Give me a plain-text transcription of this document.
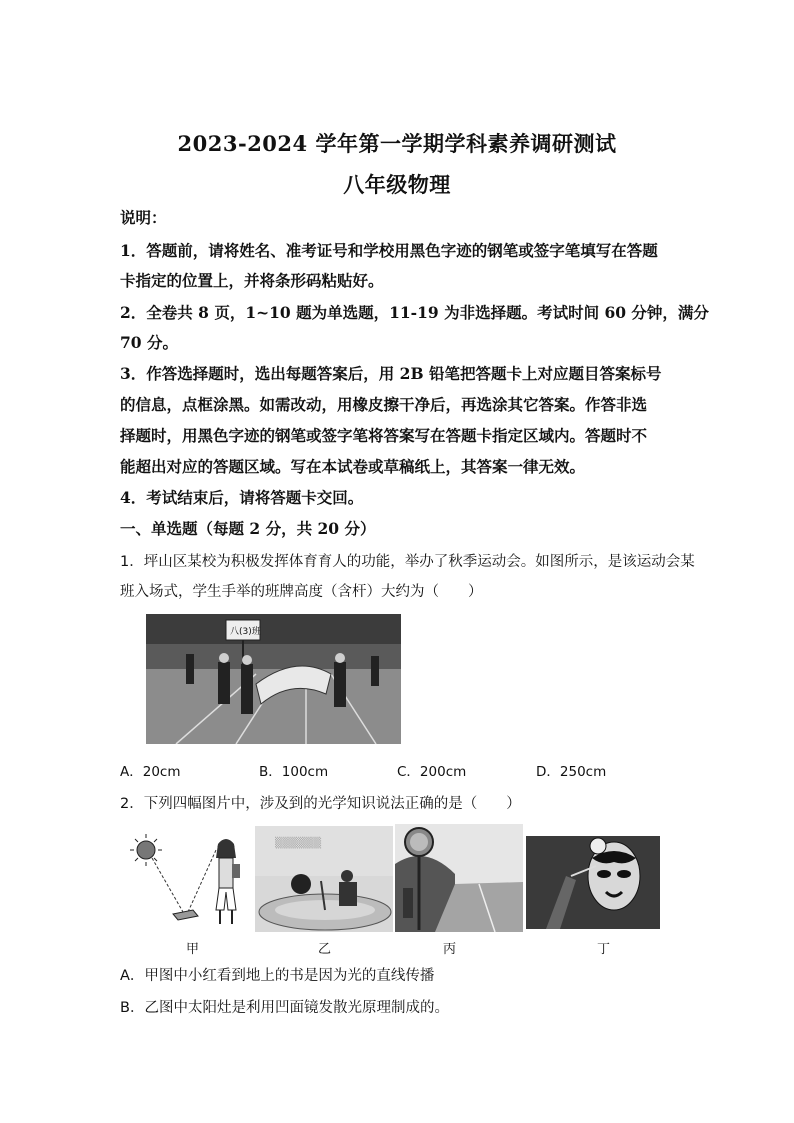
2023-2024 学年第一学期学科素养调研测试
八年级物理
说明：
1．答题前，请将姓名、准考证号和学校用黑色字迹的钢笔或签字笔填写在答题
卡指定的位置上，并将条形码粘贴好。
2．全卷共 8 页，1~10 题为单选题，11-19 为非选择题。考试时间 60 分钟，满分
70 分。
3．作答选择题时，选出每题答案后，用 2B 铅笔把答题卡上对应题目答案标号
的信息，点框涂黑。如需改动，用橡皮擦干净后，再选涂其它答案。作答非选
择题时，用黑色字迹的钢笔或签字笔将答案写在答题卡指定区域内。答题时不
能超出对应的答题区域。写在本试卷或草稿纸上，其答案一律无效。
4．考试结束后，请将答题卡交回。
一、单选题（每题 2 分，共 20 分）
1．坪山区某校为积极发挥体育育人的功能，举办了秋季运动会。如图所示，是该运动会某
班入场式，学生手举的班牌高度（含杆）大约为（　　）
八(3)班
A．20cm	B．100cm	C．200cm	D．250cm
2．下列四幅图片中，涉及到的光学知识说法正确的是（　　）
甲
▒▒▒▒▒▒
乙	丙	丁
A．甲图中小红看到地上的书是因为光的直线传播
B．乙图中太阳灶是利用凹面镜发散光原理制成的。
